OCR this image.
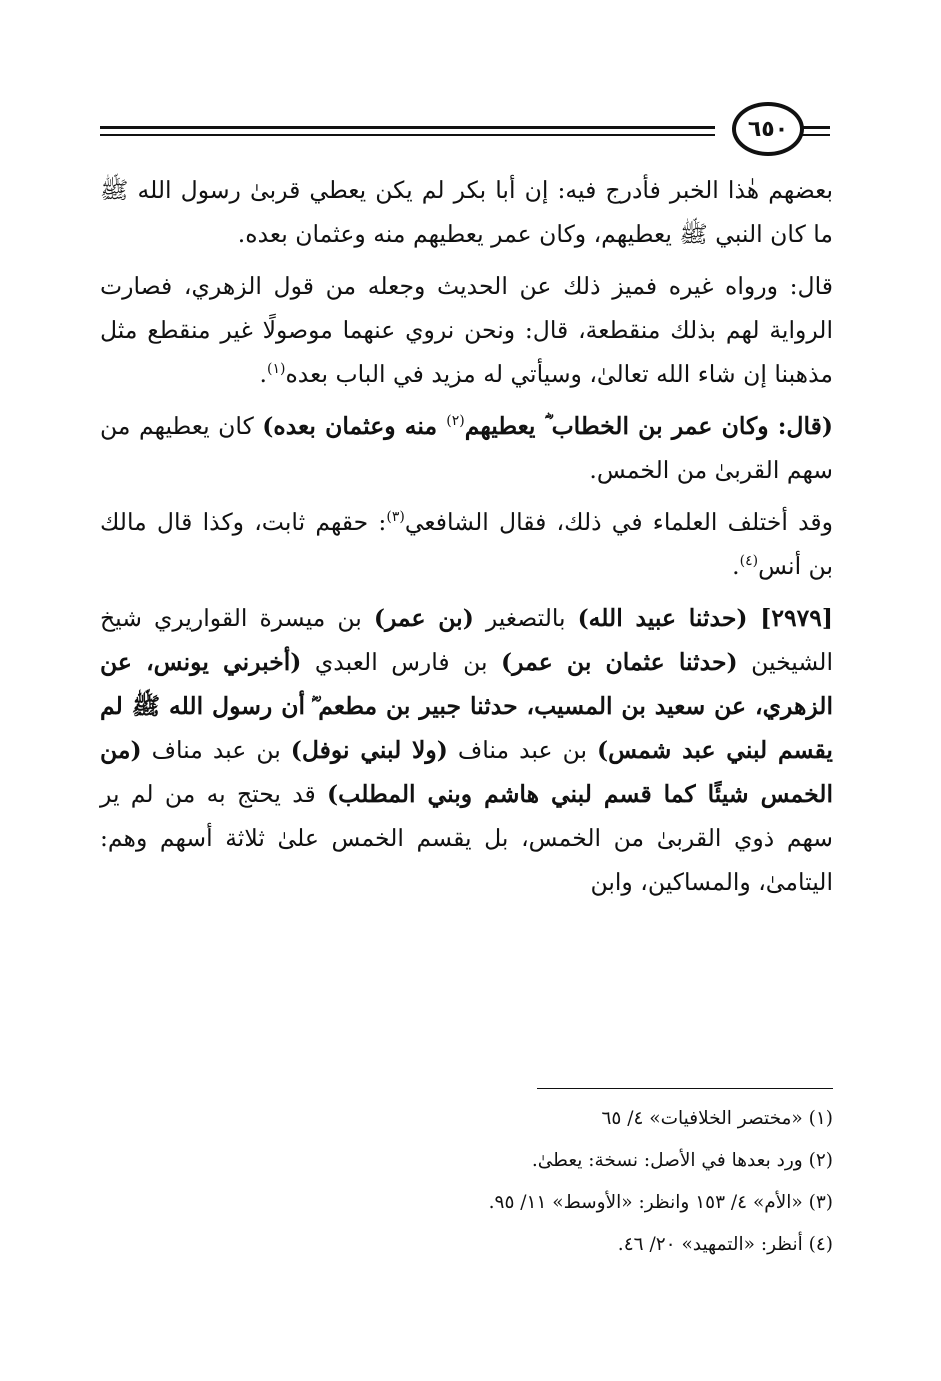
٦٥٠

بعضهم هٰذا الخبر فأدرج فيه: إن أبا بكر لم يكن يعطي قربىٰ رسول الله ﷺ ما كان النبي ﷺ يعطيهم، وكان عمر يعطيهم منه وعثمان بعده.

قال: ورواه غيره فميز ذلك عن الحديث وجعله من قول الزهري، فصارت الرواية لهم بذلك منقطعة، قال: ونحن نروي عنهما موصولًا غير منقطع مثل مذهبنا إن شاء الله تعالىٰ، وسيأتي له مزيد في الباب بعده$^{(١)}$.

(قال: وكان عمر بن الخطاب ؓ يعطيهم$^{(٢)}$ منه وعثمان بعده) كان يعطيهم من سهم القربىٰ من الخمس.

وقد أختلف العلماء في ذلك، فقال الشافعي$^{(٣)}$: حقهم ثابت، وكذا قال مالك بن أنس$^{(٤)}$.

[٢٩٧٩] (حدثنا عبيد الله) بالتصغير (بن عمر) بن ميسرة القواريري شيخ الشيخين (حدثنا عثمان بن عمر) بن فارس العبدي (أخبرني يونس، عن الزهري، عن سعيد بن المسيب، حدثنا جبير بن مطعم ؓ أن رسول الله ﷺ لم يقسم لبني عبد شمس) بن عبد مناف (ولا لبني نوفل) بن عبد مناف (من الخمس شيئًا كما قسم لبني هاشم وبني المطلب) قد يحتج به من لم ير سهم ذوي القربىٰ من الخمس، بل يقسم الخمس علىٰ ثلاثة أسهم وهم: اليتامىٰ، والمساكين، وابن

(١) «مختصر الخلافيات» ٤/ ٦٥
(٢) ورد بعدها في الأصل: نسخة: يعطىٰ.
(٣) «الأم» ٤/ ١٥٣ وانظر: «الأوسط» ١١/ ٩٥.
(٤) أنظر: «التمهيد» ٢٠/ ٤٦.
